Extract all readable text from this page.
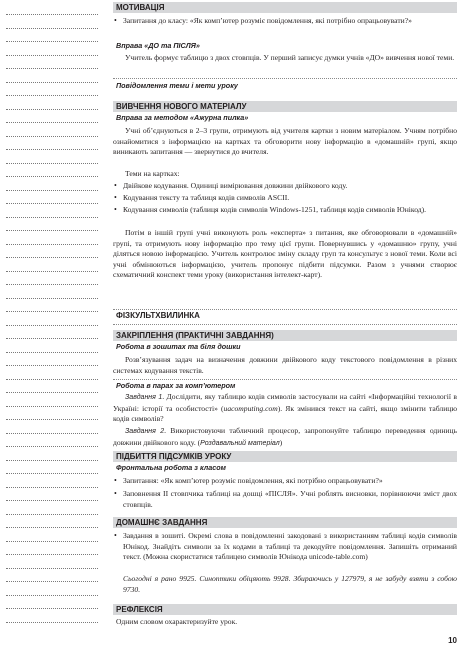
МОТИВАЦІЯ
• Запитання до класу: «Як комп’ютер розуміє повідомлення, які потрібно опрацьовувати?»
Вправа «ДО та ПІСЛЯ»
Учитель формує таблицю з двох стовпців. У перший записує думки учнів «ДО» вивчення нової теми.
Повідомлення теми і мети уроку
ВИВЧЕННЯ НОВОГО МАТЕРІАЛУ
Вправа за методом «Ажурна пилка»
Учні об’єднуються в 2–3 групи, отримують від учителя картки з новим матеріалом. Учням потрібно ознайомитися з інформацією на картках та обговорити нову інформацію в «домашній» групі, якщо виникають запитання — звернутися до вчителя.
Теми на картках:
• Двійкове кодування. Одиниці вимірювання довжини двійкового коду.
• Кодування тексту та таблиця кодів символів ASCII.
• Кодування символів (таблиця кодів символів Windows-1251, таблиця кодів символів Юнікод).
Потім в іншій групі учні виконують роль «експерта» з питання, яке обговорювали в «домашній» групі, та отримують нову інформацію про тему цієї групи. Повернувшись у «домашню» групу, учні діляться новою інформацією. Учитель контролює зміну складу груп та консультує з нової теми. Коли всі учні обмінюються інформацією, учитель пропонує підбити підсумки. Разом з учнями створює схематичний конспект теми уроку (використання інтелект-карт).
ФІЗКУЛЬТХВИЛИНКА
ЗАКРІПЛЕННЯ (ПРАКТИЧНІ ЗАВДАННЯ)
Робота в зошитах та біля дошки
Розв’язування задач на визначення довжини двійкового коду текстового повідомлення в різних системах кодування текстів.
Робота в парах за комп’ютером
Завдання 1. Дослідити, яку таблицю кодів символів застосували на сайті «Інформаційні технології в Україні: історії та особистості» (uacomputing.com). Як змінився текст на сайті, якщо змінити таблицю кодів символів?
Завдання 2. Використовуючи табличний процесор, запропонуйте таблицю переведення одиниць довжини двійкового коду. (Роздавальний матеріал)
ПІДБИТТЯ ПІДСУМКІВ УРОКУ
Фронтальна робота з класом
• Запитання: «Як комп’ютер розуміє повідомлення, які потрібно опрацьовувати?»
• Заповнення II стовпчика таблиці на дошці «ПІСЛЯ». Учні роблять висновки, порівнюючи зміст двох стовпців.
ДОМАШНЄ ЗАВДАННЯ
• Завдання в зошиті. Окремі слова в повідомленні закодовані з використанням таблиці кодів символів Юнікод. Знайдіть символи за їх кодами в таблиці та декодуйте повідомлення. Запишіть отриманий текст. (Можна скористатися таблицею символів Юнікода unicode-table.com)
Сьогодні я рано 9925. Синоптики обіцяють 9928. Збираючись у 127979, я не забуду взяти з собою 9730.
РЕФЛЕКСІЯ
Одним словом охарактеризуйте урок.
10
